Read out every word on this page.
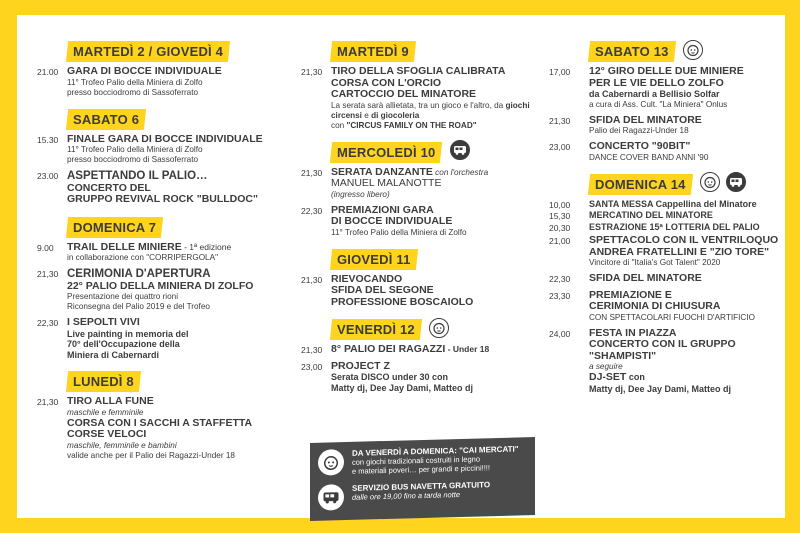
MARTEDÌ 2 / GIOVEDÌ 4
21.00 GARA DI BOCCE INDIVIDUALE
11° Trofeo Palio della Miniera di Zolfo
presso bocciodromo di Sassoferrato
SABATO 6
15.30 FINALE GARA DI BOCCE INDIVIDUALE
11° Trofeo Palio della Miniera di Zolfo
presso bocciodromo di Sassoferrato
23.00 ASPETTANDO IL PALIO…
CONCERTO DEL
GRUPPO REVIVAL ROCK "BULLDOC"
DOMENICA 7
9.00	TRAIL DELLE MINIERE - 1ª edizione
in collaborazione con "CORRIPERGOLA"
21,30 CERIMONIA D'APERTURA
22° PALIO DELLA MINIERA DI ZOLFO
Presentazione dei quattro rioni
Riconsegna del Palio 2019 e del Trofeo
22,30 I SEPOLTI VIVI
Live painting in memoria del
70° dell'Occupazione della
Miniera di Cabernardi
LUNEDÌ 8
21,30 TIRO ALLA FUNE
maschile e femminile
CORSA CON I SACCHI A STAFFETTA
CORSE VELOCI
maschile, femminile e bambini
valide anche per il Palio dei Ragazzi-Under 18
MARTEDÌ 9
21,30 TIRO DELLA SFOGLIA CALIBRATA
CORSA CON L'ORCIO
CARTOCCIO DEL MINATORE
La serata sarà allietata, tra un gioco e l'altro, da giochi circensi e di giocoleria
con "CIRCUS FAMILY ON THE ROAD"
MERCOLEDÌ 10
21,30 SERATA DANZANTE con l'orchestra
MANUEL MALANOTTE
(ingresso libero)
22,30 PREMIAZIONI GARA
DI BOCCE INDIVIDUALE
11° Trofeo Palio della Miniera di Zolfo
GIOVEDÌ 11
21,30 RIEVOCANDO
SFIDA DEL SEGONE
PROFESSIONE BOSCAIOLO
VENERDÌ 12
21,30 8° PALIO DEI RAGAZZI - Under 18
23,00 PROJECT Z
Serata DISCO under 30 con
Matty dj, Dee Jay Dami, Matteo dj
SABATO 13
17,00	12° GIRO DELLE DUE MINIERE
PER LE VIE DELLO ZOLFO
da Cabernardi a Bellisio Solfar
a cura di Ass. Cult. "La Miniera" Onlus
21,30	SFIDA DEL MINATORE
Palio dei Ragazzi-Under 18
23,00	CONCERTO "90BIT"
DANCE COVER BAND ANNI '90
DOMENICA 14

10,00	SANTA MESSA Cappellina del Minatore
15,30	MERCATINO DEL MINATORE
20,30	ESTRAZIONE 15ª LOTTERIA DEL PALIO
21,00	SPETTACOLO CON IL VENTRILOQUO
ANDREA FRATELLINI E "ZIO TORE"
Vincitore di "Italia's Got Talent" 2020
22,30	SFIDA DEL MINATORE
23,30	PREMIAZIONE E
CERIMONIA DI CHIUSURA
CON SPETTACOLARI FUOCHI D'ARTIFICIO
24,00	FESTA IN PIAZZA
CONCERTO CON IL GRUPPO
"SHAMPISTI"
a seguire
DJ-SET con
Matty dj, Dee Jay Dami, Matteo dj
DA VENERDÌ A DOMENICA: "CAI MERCATI"
con giochi tradizionali costruiti in legno
e materiali poveri… per grandi e piccini!!!!
SERVIZIO BUS NAVETTA GRATUITO
dalle ore 19,00 fino a tarda notte
